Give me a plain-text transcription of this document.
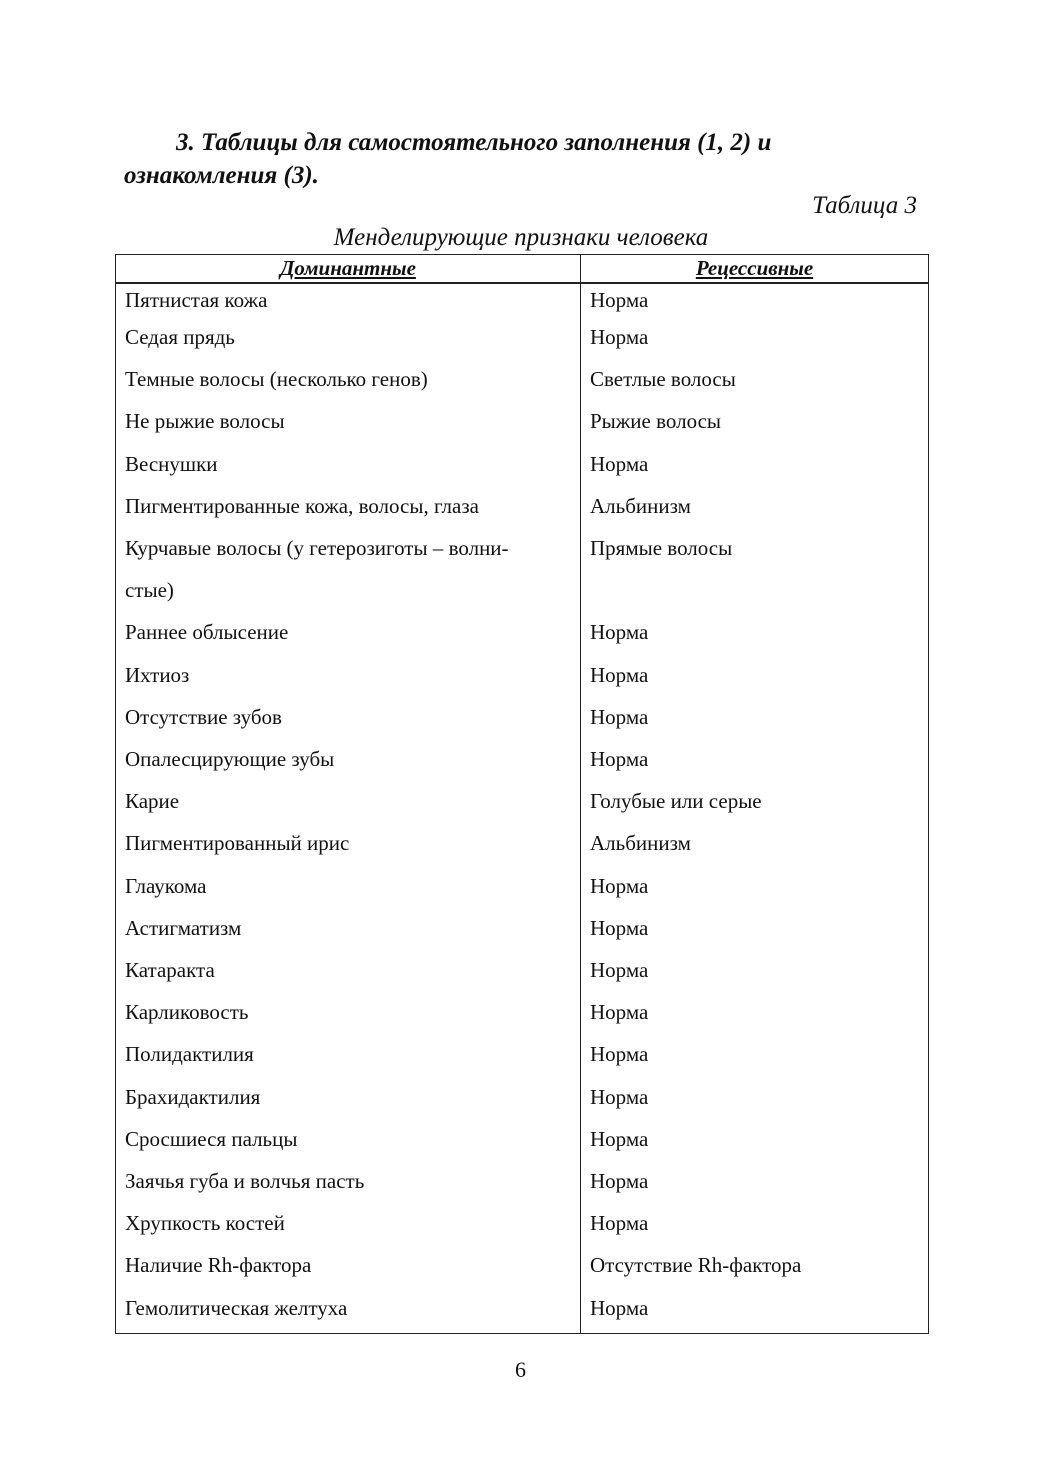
3. Таблицы для самостоятельного заполнения (1, 2) и ознакомления (3).

Таблица 3
Менделирующие признаки человека
Доминантные	Рецессивные
Пятнистая кожа	Норма
Седая прядь	Норма
Темные волосы (несколько генов)	Светлые волосы
Не рыжие волосы	Рыжие волосы
Веснушки	Норма
Пигментированные кожа, волосы, глаза	Альбинизм
Курчавые волосы (у гетерозиготы – волни-	Прямые волосы
стые)	
Раннее облысение	Норма
Ихтиоз	Норма
Отсутствие зубов	Норма
Опалесцирующие зубы	Норма
Карие	Голубые или серые
Пигментированный ирис	Альбинизм
Глаукома	Норма
Астигматизм	Норма
Катаракта	Норма
Карликовость	Норма
Полидактилия	Норма
Брахидактилия	Норма
Сросшиеся пальцы	Норма
Заячья губа и волчья пасть	Норма
Хрупкость костей	Норма
Наличие Rh-фактора	Отсутствие Rh-фактора
Гемолитическая желтуха	Норма
6
